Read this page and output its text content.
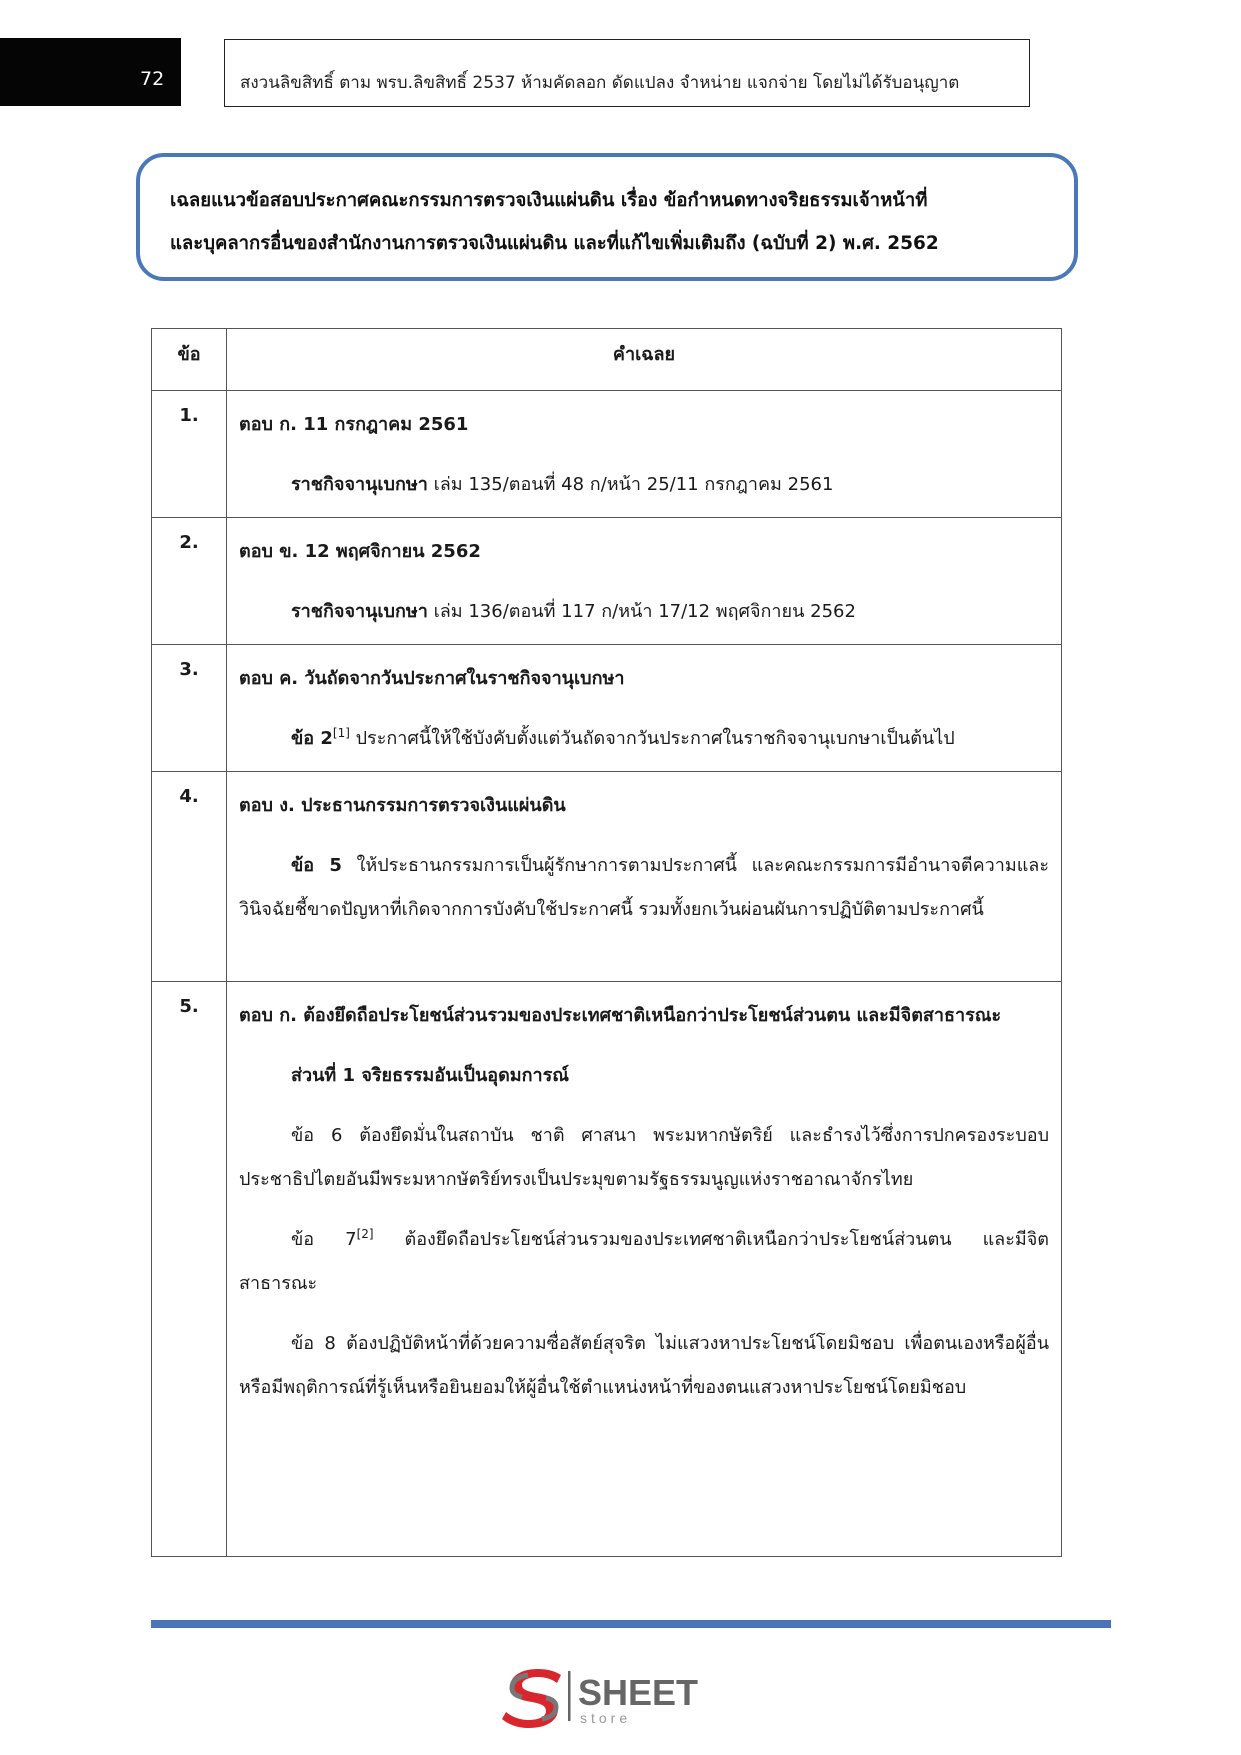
72	สงวนลิขสิทธิ์ ตาม พรบ.ลิขสิทธิ์ 2537 ห้ามคัดลอก ดัดแปลง จำหน่าย แจกจ่าย โดยไม่ได้รับอนุญาต
เฉลยแนวข้อสอบประกาศคณะกรรมการตรวจเงินแผ่นดิน เรื่อง ข้อกำหนดทางจริยธรรมเจ้าหน้าที่
และบุคลากรอื่นของสำนักงานการตรวจเงินแผ่นดิน และที่แก้ไขเพิ่มเติมถึง (ฉบับที่ 2) พ.ศ. 2562
ข้อ	คำเฉลย
1.	ตอบ ก. 11 กรกฎาคม 2561
ราชกิจจานุเบกษา เล่ม 135/ตอนที่ 48 ก/หน้า 25/11 กรกฎาคม 2561

2.	ตอบ ข. 12 พฤศจิกายน 2562
ราชกิจจานุเบกษา เล่ม 136/ตอนที่ 117 ก/หน้า 17/12 พฤศจิกายน 2562

3.	ตอบ ค. วันถัดจากวันประกาศในราชกิจจานุเบกษา
ข้อ 2[1] ประกาศนี้ให้ใช้บังคับตั้งแต่วันถัดจากวันประกาศในราชกิจจานุเบกษาเป็นต้นไป

4.	ตอบ ง. ประธานกรรมการตรวจเงินแผ่นดิน
ข้อ 5 ให้ประธานกรรมการเป็นผู้รักษาการตามประกาศนี้ และคณะกรรมการมีอำนาจตีความและวินิจฉัยชี้ขาดปัญหาที่เกิดจากการบังคับใช้ประกาศนี้ รวมทั้งยกเว้นผ่อนผันการปฏิบัติตามประกาศนี้

5.	ตอบ ก. ต้องยึดถือประโยชน์ส่วนรวมของประเทศชาติเหนือกว่าประโยชน์ส่วนตน และมีจิตสาธารณะ
ส่วนที่ 1 จริยธรรมอันเป็นอุดมการณ์
ข้อ 6 ต้องยึดมั่นในสถาบัน ชาติ ศาสนา พระมหากษัตริย์ และธำรงไว้ซึ่งการปกครองระบอบประชาธิปไตยอันมีพระมหากษัตริย์ทรงเป็นประมุขตามรัฐธรรมนูญแห่งราชอาณาจักรไทย
ข้อ 7[2] ต้องยึดถือประโยชน์ส่วนรวมของประเทศชาติเหนือกว่าประโยชน์ส่วนตน และมีจิตสาธารณะ
ข้อ 8 ต้องปฏิบัติหน้าที่ด้วยความซื่อสัตย์สุจริต ไม่แสวงหาประโยชน์โดยมิชอบ เพื่อตนเองหรือผู้อื่น หรือมีพฤติการณ์ที่รู้เห็นหรือยินยอมให้ผู้อื่นใช้ตำแหน่งหน้าที่ของตนแสวงหาประโยชน์โดยมิชอบ
SHEET
store
